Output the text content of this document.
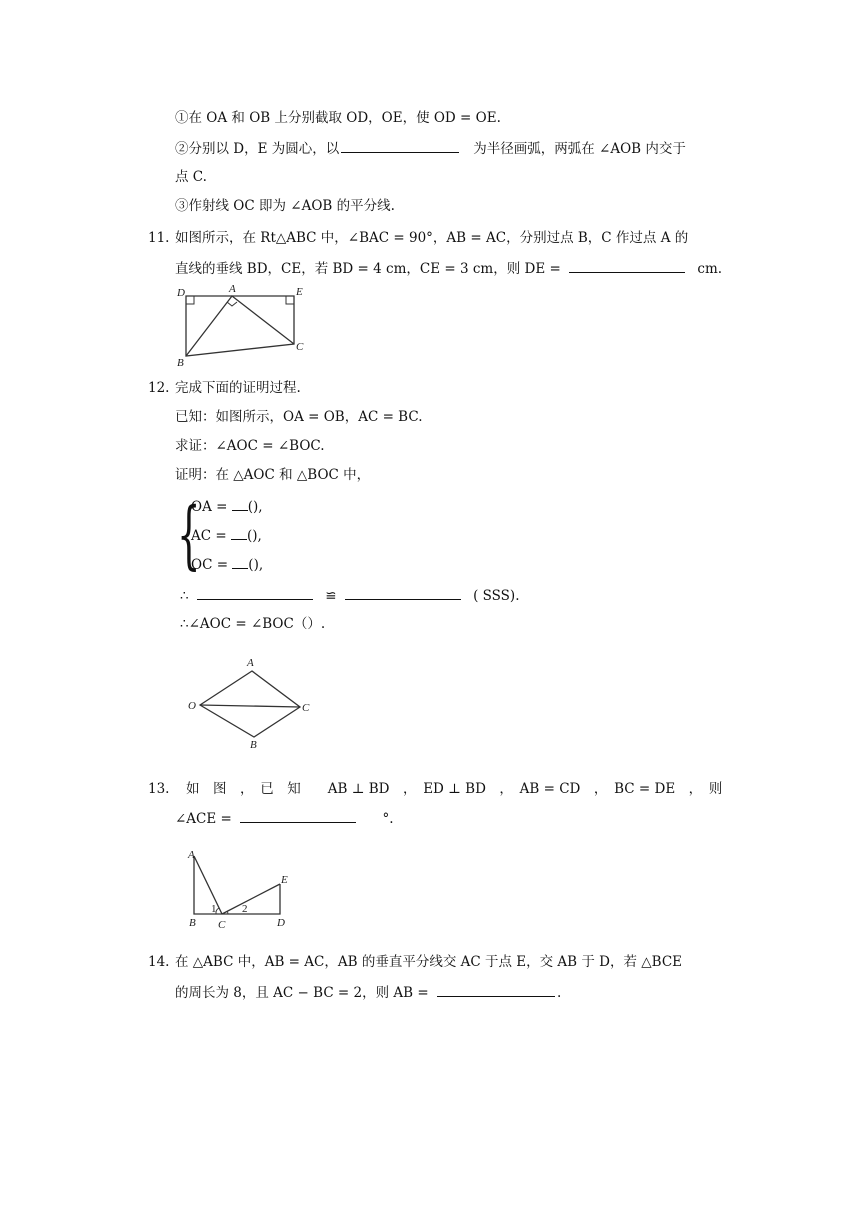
①在 OA 和 OB 上分别截取 OD，OE，使 OD = OE.
②分别以 D，E 为圆心，以	为半径画弧，两弧在 ∠AOB 内交于
点 C.
③作射线 OC 即为 ∠AOB 的平分线.
11. 如图所示，在 Rt△ABC 中，∠BAC = 90°，AB = AC，分别过点 B，C 作过点 A 的
直线的垂线 BD，CE，若 BD = 4 cm，CE = 3 cm，则 DE =	cm.
D	A	E
B
C
12. 完成下面的证明过程.
已知：如图所示，OA = OB，AC = BC.
求证：∠AOC = ∠BOC.
证明：在 △AOC 和 △BOC 中，
{
OA = (),
AC = (),
OC = (),
∴	≌	( SSS).
∴∠AOC = ∠BOC（）.
A
O	C
B
13. 如　图　，　已　知　　AB ⊥ BD　，　ED ⊥ BD　，　AB = CD　，　BC = DE　，　则
∠ACE =	°.
A
E
B C	D
1 2
14. 在 △ABC 中，AB = AC，AB 的垂直平分线交 AC 于点 E，交 AB 于 D，若 △BCE
的周长为 8，且 AC − BC = 2，则 AB =	.
